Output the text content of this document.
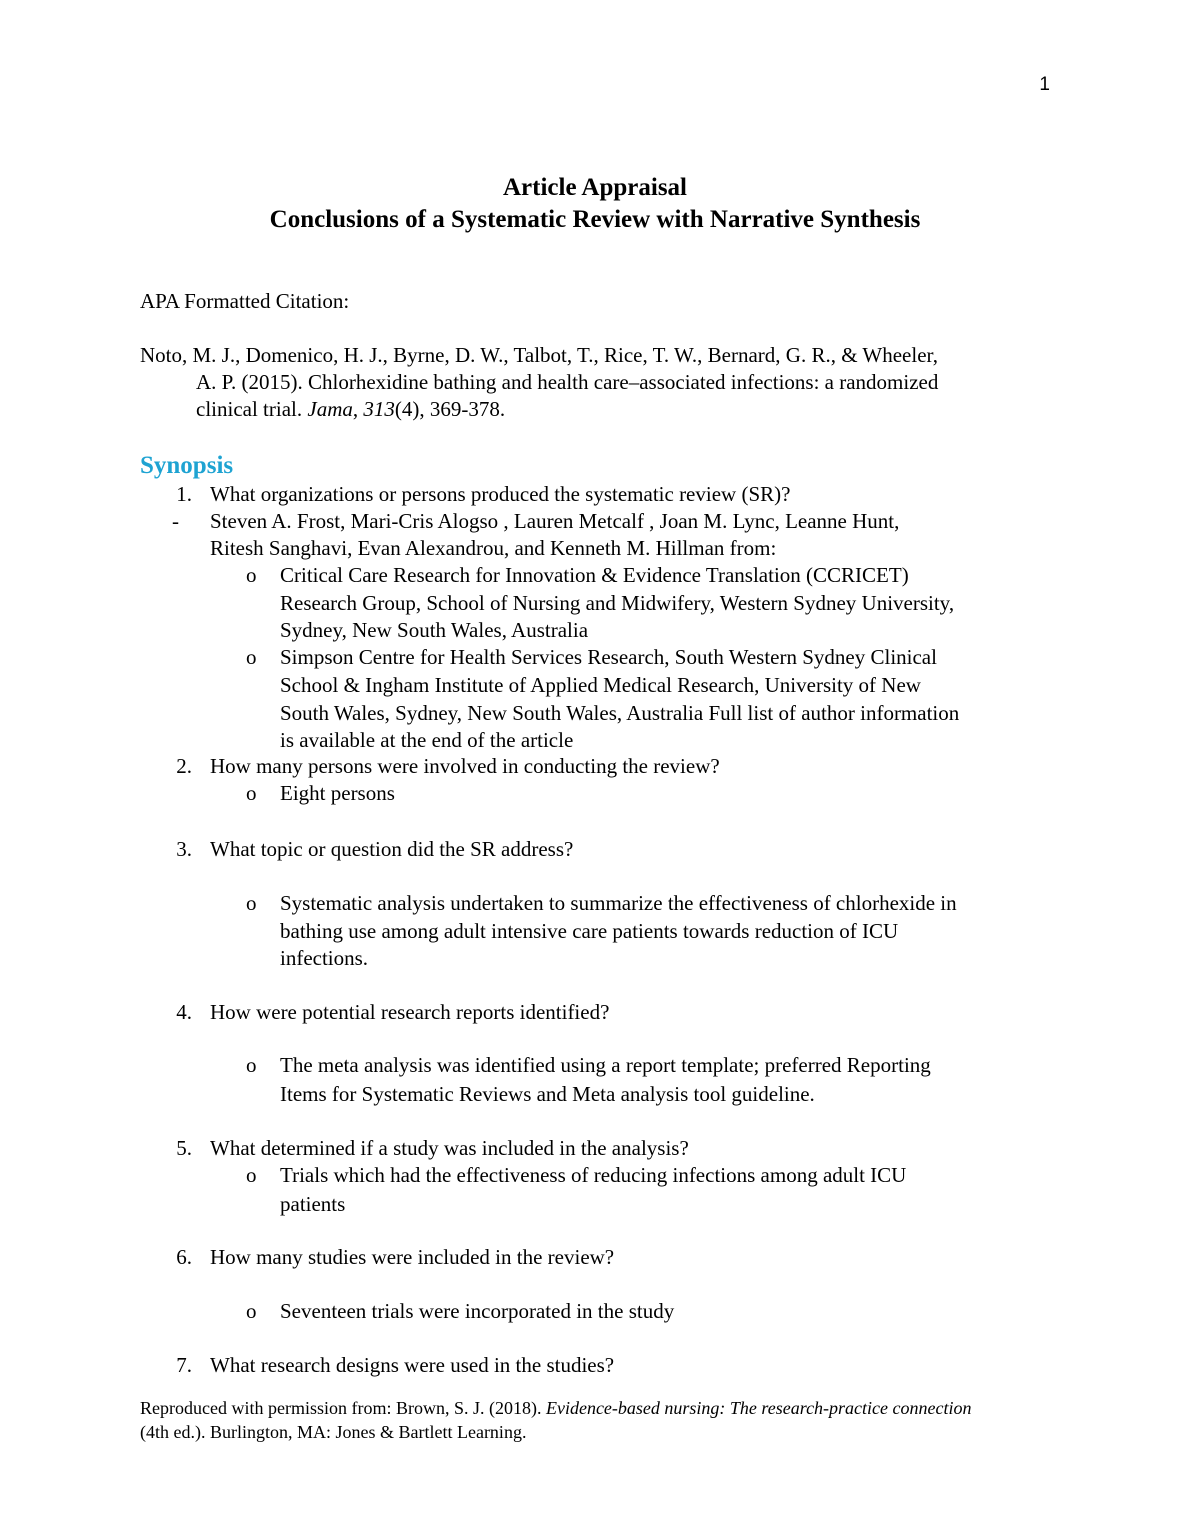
1
Article Appraisal
Conclusions of a Systematic Review with Narrative Synthesis
APA Formatted Citation:
Noto, M. J., Domenico, H. J., Byrne, D. W., Talbot, T., Rice, T. W., Bernard, G. R., & Wheeler,
A. P. (2015). Chlorhexidine bathing and health care–associated infections: a randomized
clinical trial. Jama, 313(4), 369-378.
Synopsis
1. What organizations or persons produced the systematic review (SR)?
-	Steven A. Frost, Mari-Cris Alogso , Lauren Metcalf , Joan M. Lync, Leanne Hunt,
Ritesh Sanghavi, Evan Alexandrou, and Kenneth M. Hillman from:
o Critical Care Research for Innovation & Evidence Translation (CCRICET)
Research Group, School of Nursing and Midwifery, Western Sydney University,
Sydney, New South Wales, Australia
o Simpson Centre for Health Services Research, South Western Sydney Clinical
School & Ingham Institute of Applied Medical Research, University of New
South Wales, Sydney, New South Wales, Australia Full list of author information
is available at the end of the article
2. How many persons were involved in conducting the review?
o Eight persons
3. What topic or question did the SR address?
o Systematic analysis undertaken to summarize the effectiveness of chlorhexide in
bathing use among adult intensive care patients towards reduction of ICU
infections.
4. How were potential research reports identified?
o The meta analysis was identified using a report template; preferred Reporting
Items for Systematic Reviews and Meta analysis tool guideline.
5. What determined if a study was included in the analysis?
o Trials which had the effectiveness of reducing infections among adult ICU
patients
6. How many studies were included in the review?
o Seventeen trials were incorporated in the study
7. What research designs were used in the studies?
Reproduced with permission from: Brown, S. J. (2018). Evidence-based nursing: The research-practice connection
(4th ed.). Burlington, MA: Jones & Bartlett Learning.
